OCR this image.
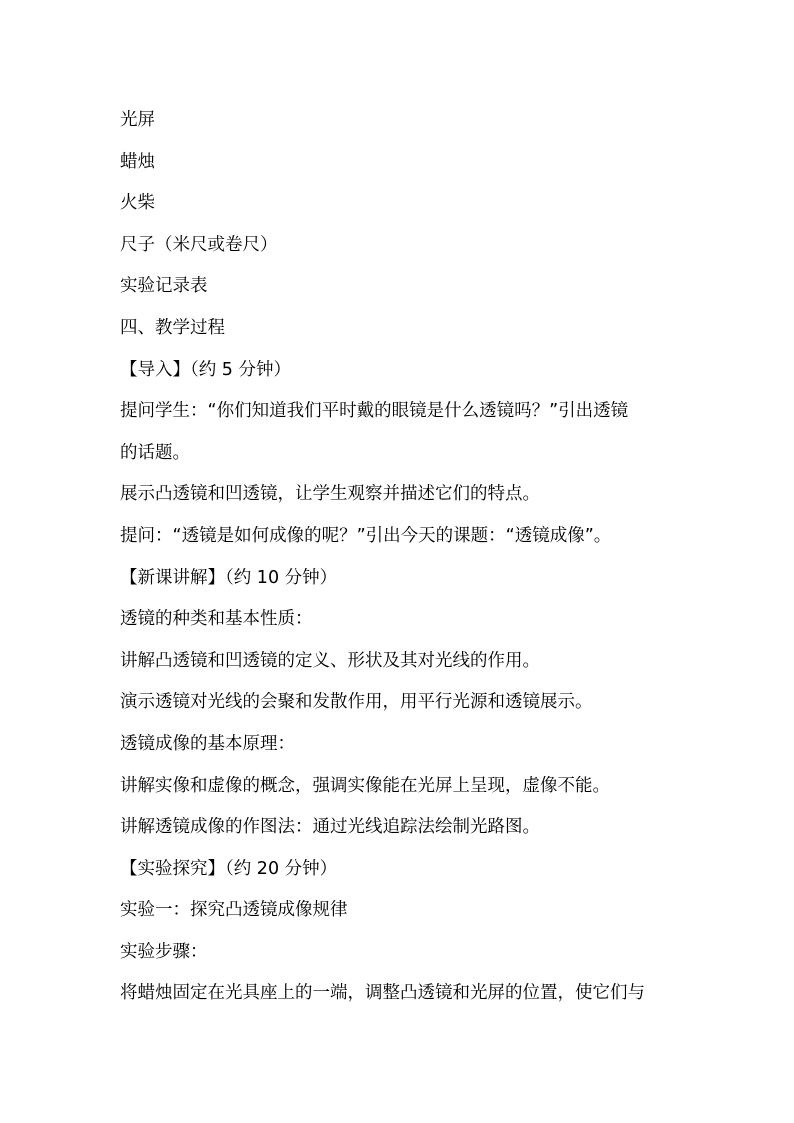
光屏

蜡烛

火柴

尺子（米尺或卷尺）

实验记录表

四、教学过程

【导入】（约 5 分钟）

提问学生：“你们知道我们平时戴的眼镜是什么透镜吗？”引出透镜

的话题。

展示凸透镜和凹透镜，让学生观察并描述它们的特点。

提问：“透镜是如何成像的呢？”引出今天的课题：“透镜成像”。

【新课讲解】（约 10 分钟）

透镜的种类和基本性质：

讲解凸透镜和凹透镜的定义、形状及其对光线的作用。

演示透镜对光线的会聚和发散作用，用平行光源和透镜展示。

透镜成像的基本原理：

讲解实像和虚像的概念，强调实像能在光屏上呈现，虚像不能。

讲解透镜成像的作图法：通过光线追踪法绘制光路图。

【实验探究】（约 20 分钟）

实验一：探究凸透镜成像规律

实验步骤：

将蜡烛固定在光具座上的一端，调整凸透镜和光屏的位置，使它们与
